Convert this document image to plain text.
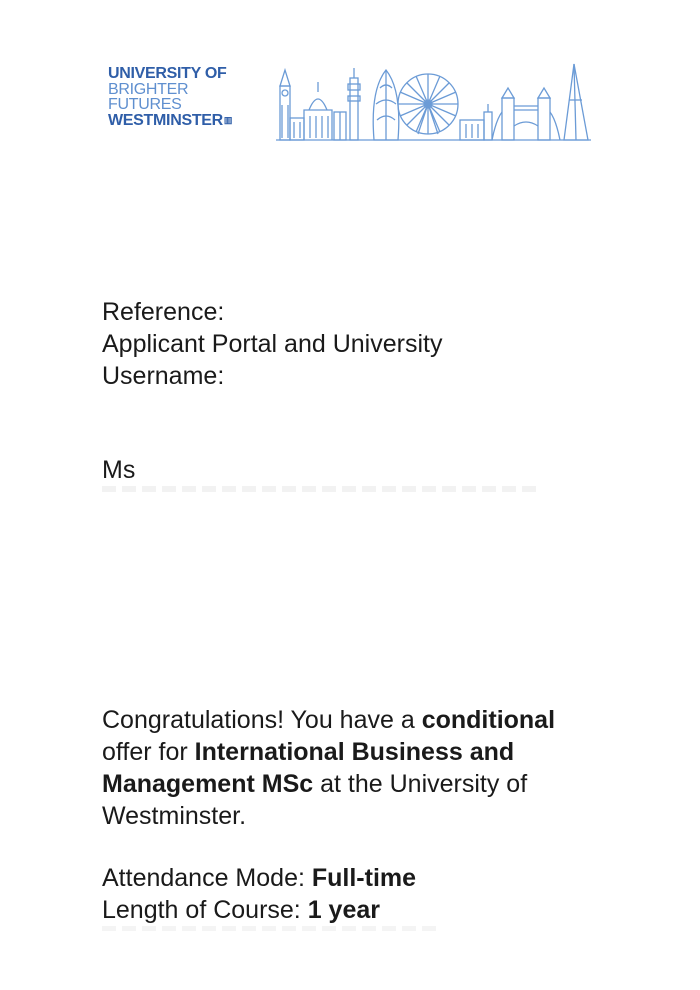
UNIVERSITY OF
BRIGHTER
FUTURES
WESTMINSTER▥
Reference:
Applicant Portal and University
Username:
Ms
Congratulations! You have a conditional offer for International Business and Management MSc at the University of Westminster.
Attendance Mode: Full-time
Length of Course: 1 year
